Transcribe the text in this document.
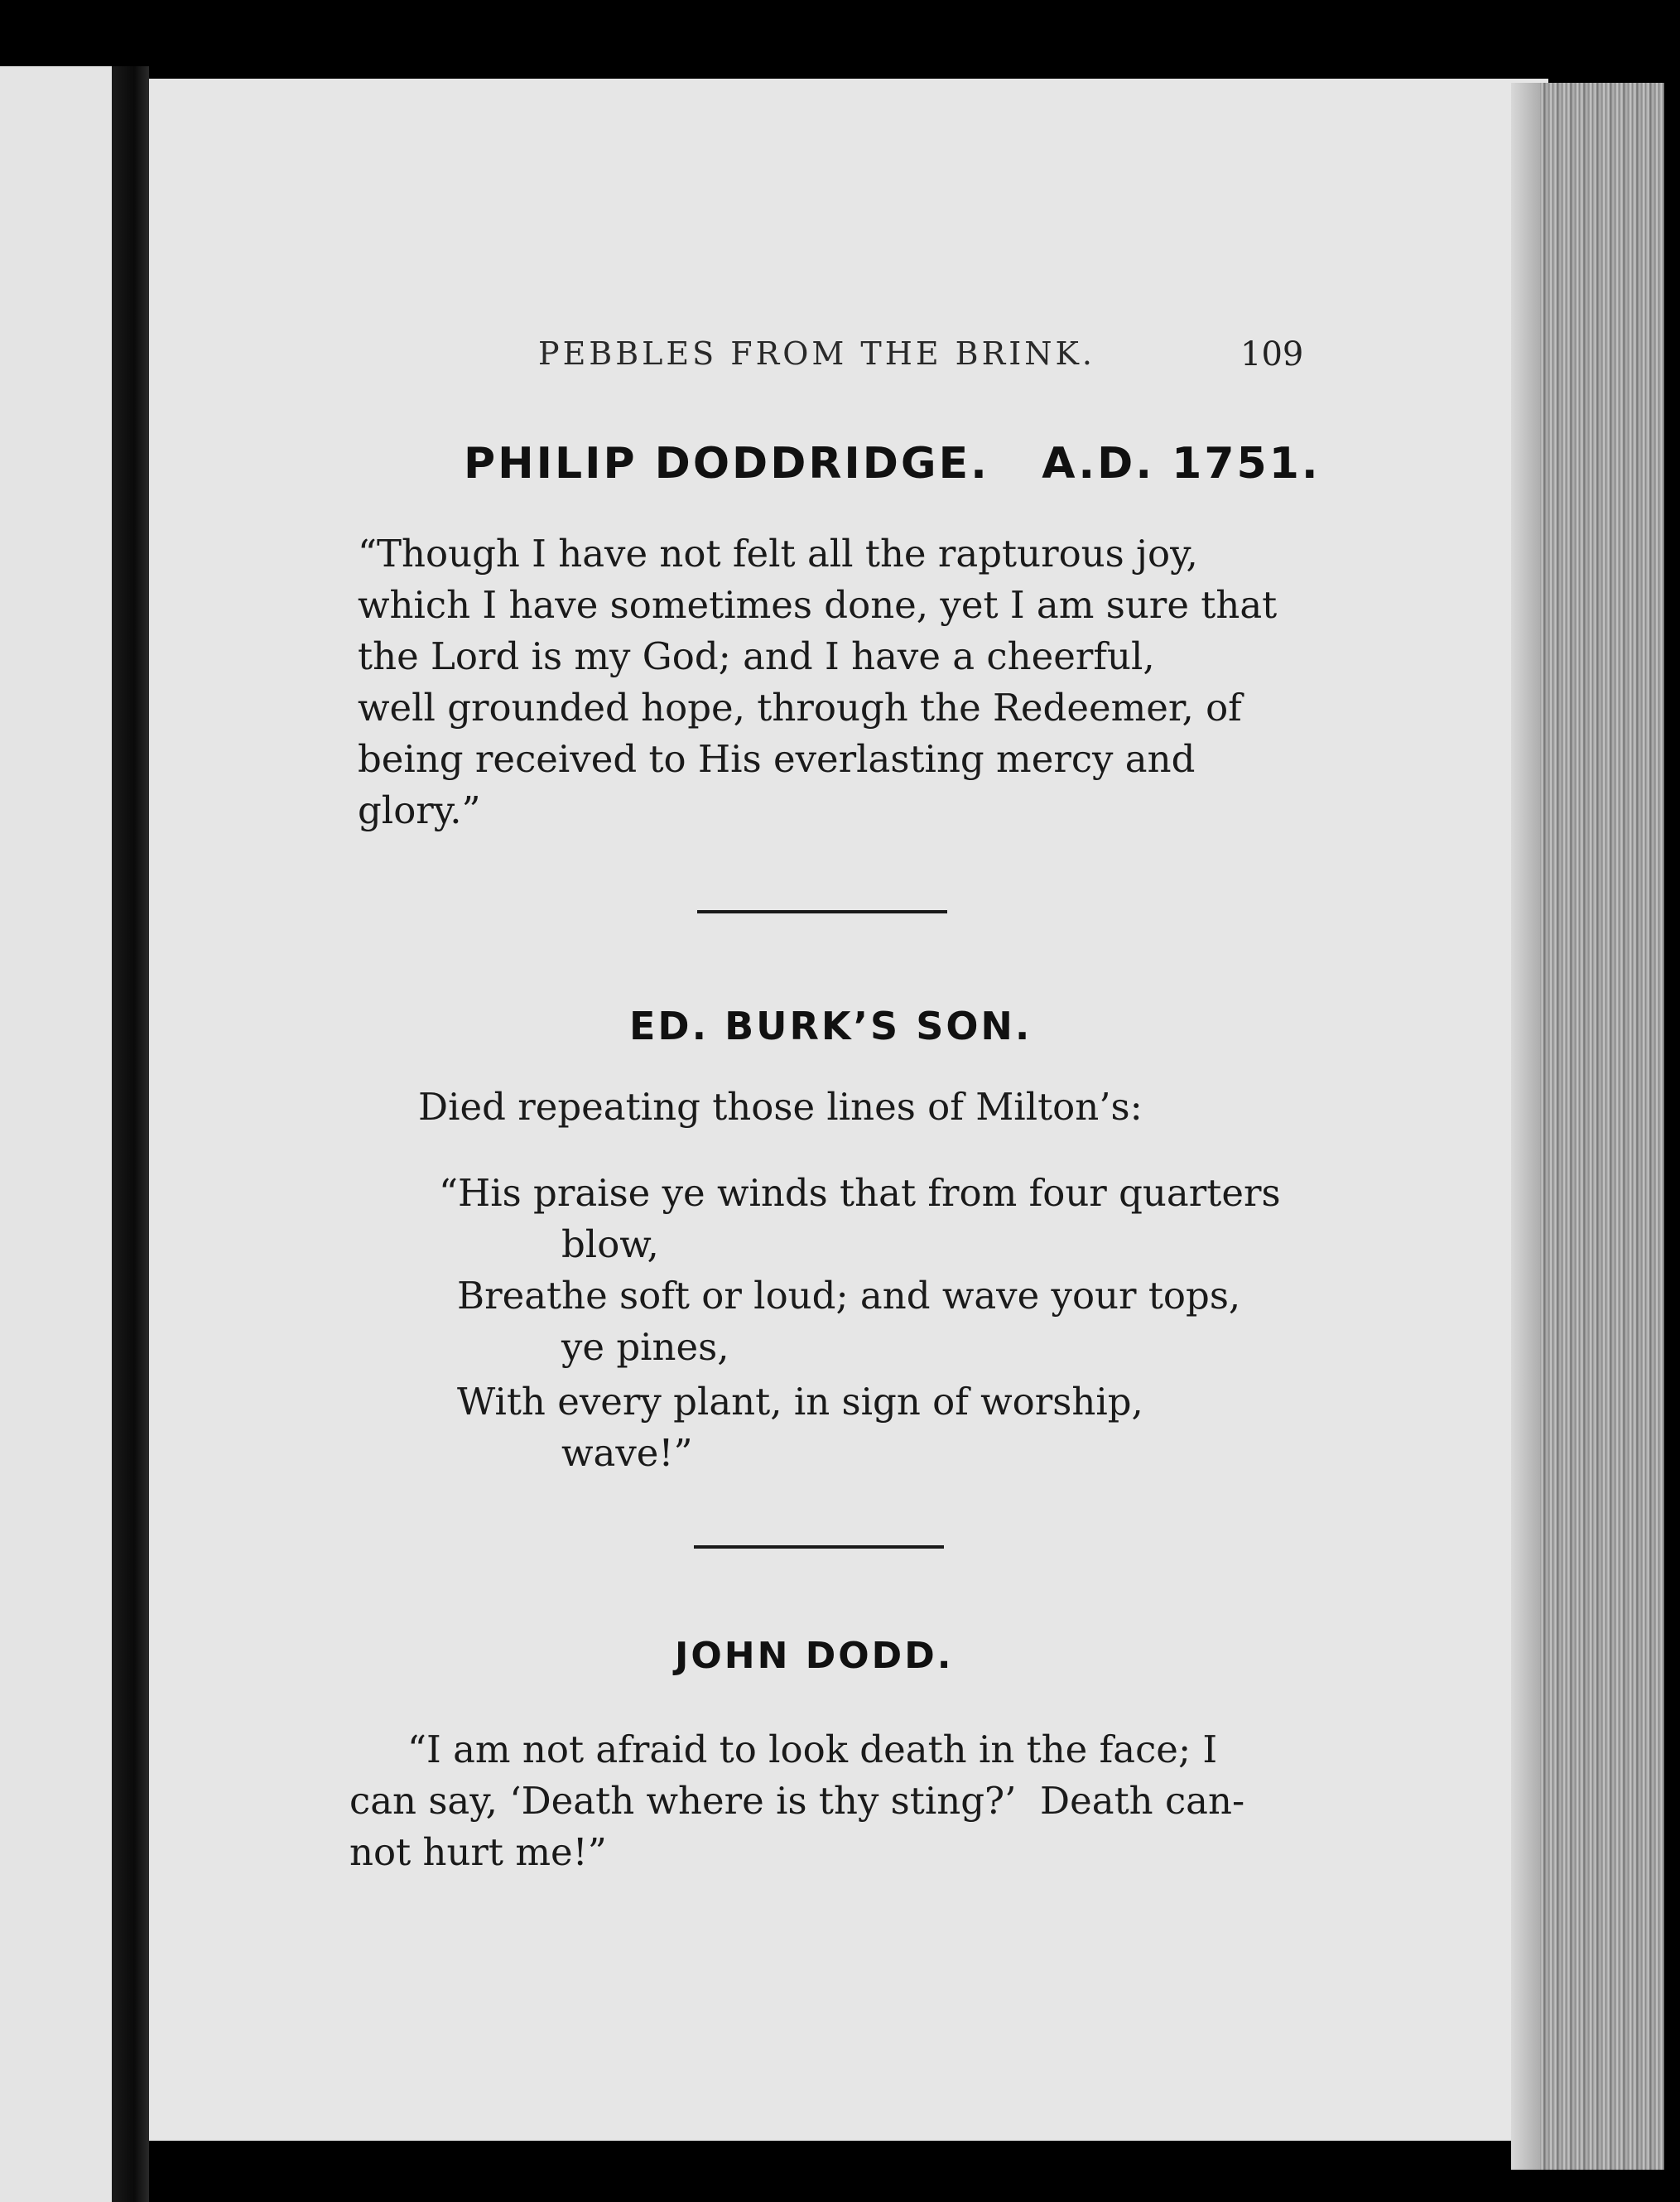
PEBBLES FROM THE BRINK.	109
PHILIP DODDRIDGE.   A.D. 1751.
“Though I have not felt all the rapturous joy,
which I have sometimes done, yet I am sure that
the Lord is my God; and I have a cheerful,
well grounded hope, through the Redeemer, of
being received to His everlasting mercy and
glory.”
ED. BURK’S SON.
Died repeating those lines of Milton’s:
“His praise ye winds that from four quarters
blow,
Breathe soft or loud; and wave your tops,
ye pines,
With every plant, in sign of worship,
wave!”
JOHN DODD.
“I am not afraid to look death in the face; I
can say, ‘Death where is thy sting?’  Death can-
not hurt me!”
